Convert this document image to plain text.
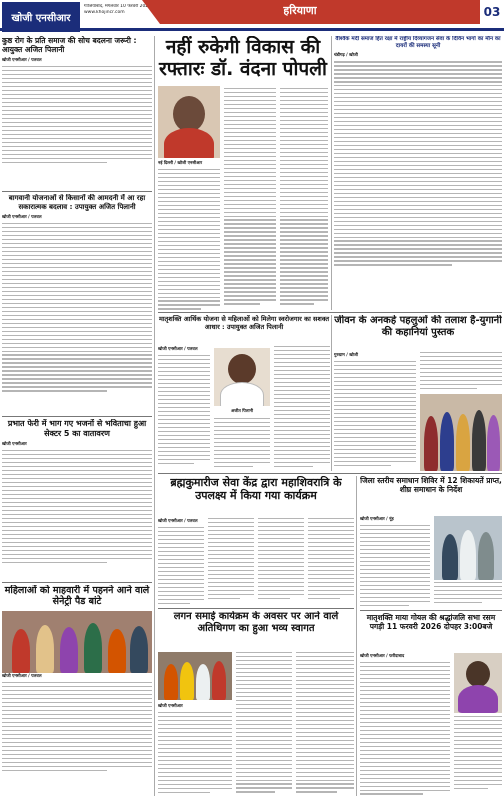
खोजी एनसीआर
गाजियाबाद, मंगलवार 10 फरवरी 2026
www.khojincr.com	हरियाणा	03
कुष्ठ रोग के प्रति समाज की सोच बदलना जरूरी : आयुक्त अजित पिलानी
खोजी एनसीआर / पलवल
बागवानी योजनाओं से किसानों की आमदनी में आ रहा सकारात्मक बदलाव : उपायुक्त अजित पिलानी
खोजी एनसीआर / पलवल
प्रभात फेरी में भाग गए भजनों से भविताचा हुआ सेक्टर 5 का वातावरण
खोजी एनसीआर
महिलाओं को माहवारी में पहनने आने वाले सेनेट्री पैड बांटे
खोजी एनसीआर / पलवल
नहीं रुकेगी विकास की रफ्तारः डॉ. वंदना पोपली
नई दिल्ली / खोजी एनसीआर
वैश्विक मंदी समाज हित रक्षा में राष्ट्रीय दिव्यांगजन सेवा के दिविन भागों का मौन का दायरों की समस्या सूनी
चंडीगढ़ / खोजी
मातृशक्ति आर्थिक योजना से महिलाओं को मिलेगा स्वरोजगार का सशक्त आधार : उपायुक्त अजित पिलानी
खोजी एनसीआर / पलवल
अजीत पिलानी
जीवन के अनकहे पहलुओं की तलाश है-युगानी की कहानियां पुस्तक
गुरुग्राम / खोजी
ब्रह्मकुमारीज सेवा केंद्र द्वारा महाशिवरात्रि के उपलक्ष्य में किया गया कार्यक्रम
खोजी एनसीआर / पलवल
लगन समाई कार्यक्रम के अवसर पर आने वाले अतिथिगण का हुआ भव्य स्वागत
खोजी एनसीआर
जिला स्तरीय समाधान शिविर में 12 शिकायतें प्राप्त, शीघ्र समाधान के निर्देश
खोजी एनसीआर / नूंह
मातृशक्ति माया गोयल की श्रद्धांजलि सभा रसम पगड़ी 11 फरवरी 2026 दोपहर 3:00बजे
खोजी एनसीआर / फरीदाबाद
